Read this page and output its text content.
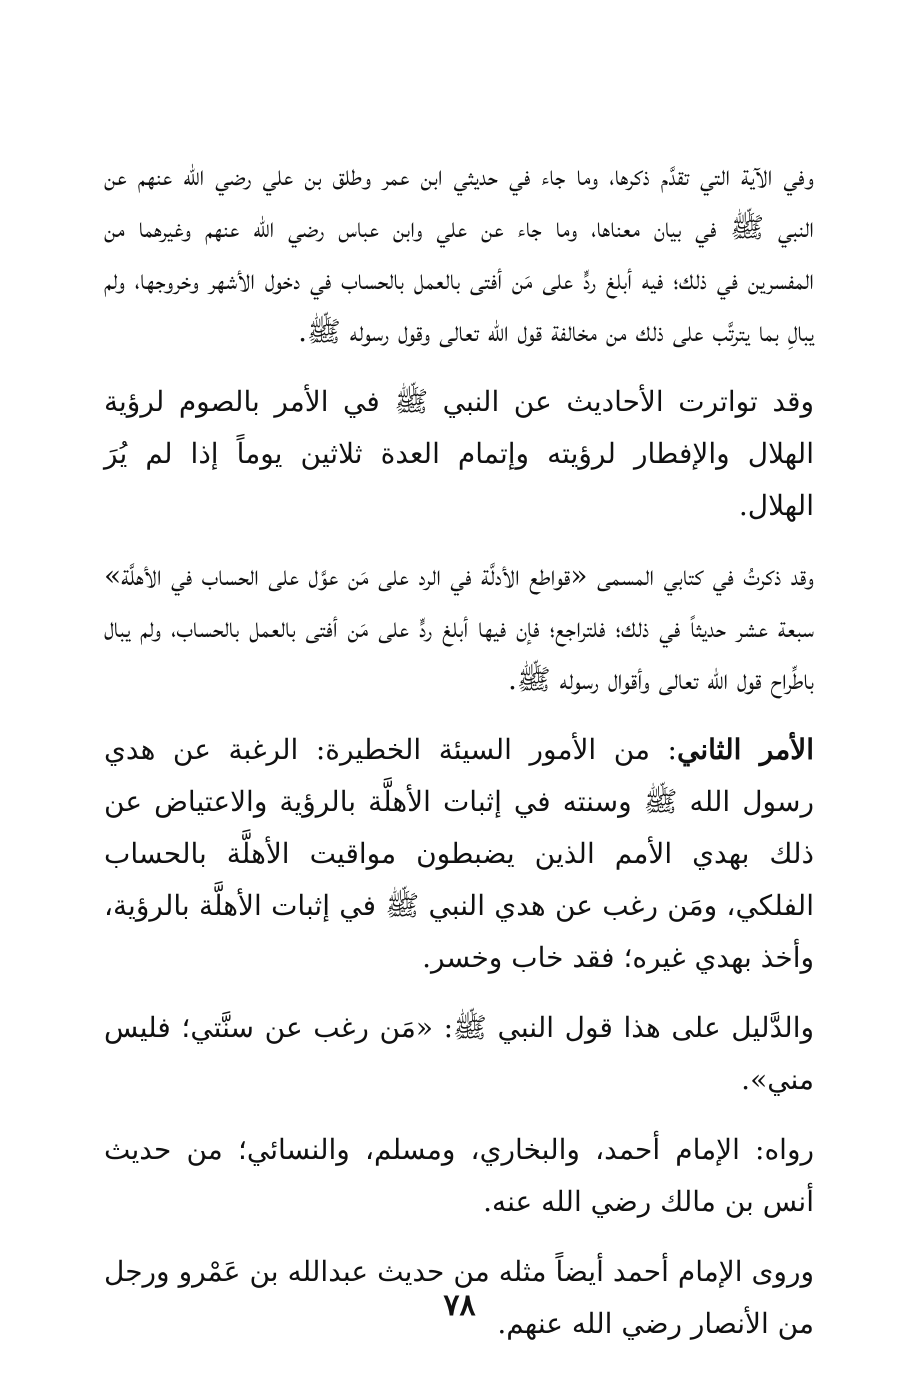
وفي الآية التي تقدَّم ذكرها، وما جاء في حديثي ابن عمر وطلق بن علي رضي الله عنهم عن النبي ﷺ في بيان معناها، وما جاء عن علي وابن عباس رضي الله عنهم وغيرهما من المفسرين في ذلك؛ فيه أبلغ ردٍّ على مَن أفتى بالعمل بالحساب في دخول الأشهر وخروجها، ولم يبالِ بما يترتَّب على ذلك من مخالفة قول الله تعالى وقول رسوله ﷺ.

وقد تواترت الأحاديث عن النبي ﷺ في الأمر بالصوم لرؤية الهلال والإفطار لرؤيته وإتمام العدة ثلاثين يوماً إذا لم يُرَ الهلال.

وقد ذكرتُ في كتابي المسمى «قواطع الأدلَّة في الرد على مَن عوَّل على الحساب في الأهلَّة» سبعة عشر حديثاً في ذلك؛ فلتراجع؛ فإن فيها أبلغ ردٍّ على مَن أفتى بالعمل بالحساب، ولم يبال باطِّراح قول الله تعالى وأقوال رسوله ﷺ.

الأمر الثاني: من الأمور السيئة الخطيرة: الرغبة عن هدي رسول الله ﷺ وسنته في إثبات الأهلَّة بالرؤية والاعتياض عن ذلك بهدي الأمم الذين يضبطون مواقيت الأهلَّة بالحساب الفلكي، ومَن رغب عن هدي النبي ﷺ في إثبات الأهلَّة بالرؤية، وأخذ بهدي غيره؛ فقد خاب وخسر.

والدَّليل على هذا قول النبي ﷺ: «مَن رغب عن سنَّتي؛ فليس مني».

رواه: الإمام أحمد، والبخاري، ومسلم، والنسائي؛ من حديث أنس بن مالك رضي الله عنه.

وروى الإمام أحمد أيضاً مثله من حديث عبدالله بن عَمْرو ورجل من الأنصار رضي الله عنهم.

٧٨
